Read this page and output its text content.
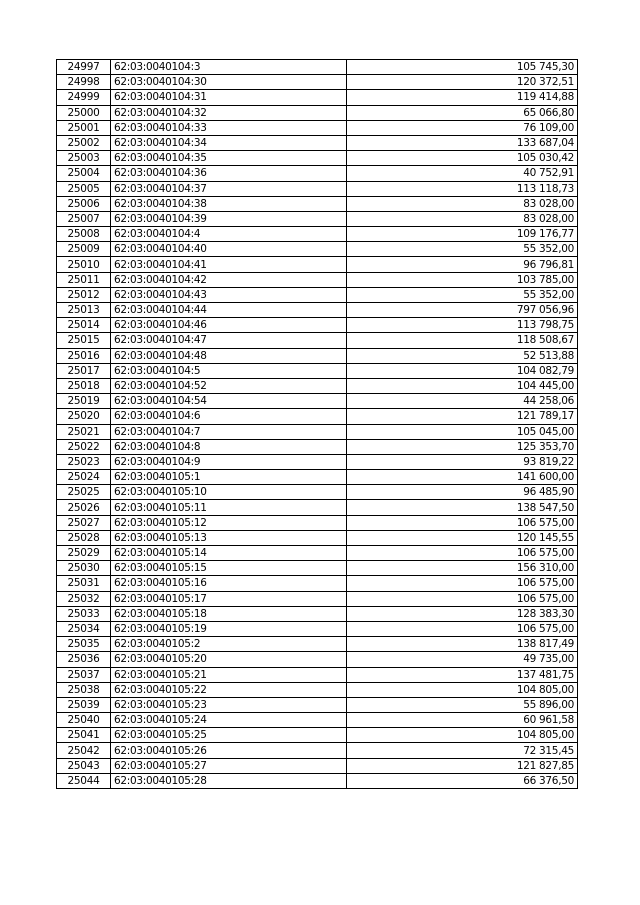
24997	62:03:0040104:3	105 745,30
24998	62:03:0040104:30	120 372,51
24999	62:03:0040104:31	119 414,88
25000	62:03:0040104:32	65 066,80
25001	62:03:0040104:33	76 109,00
25002	62:03:0040104:34	133 687,04
25003	62:03:0040104:35	105 030,42
25004	62:03:0040104:36	40 752,91
25005	62:03:0040104:37	113 118,73
25006	62:03:0040104:38	83 028,00
25007	62:03:0040104:39	83 028,00
25008	62:03:0040104:4	109 176,77
25009	62:03:0040104:40	55 352,00
25010	62:03:0040104:41	96 796,81
25011	62:03:0040104:42	103 785,00
25012	62:03:0040104:43	55 352,00
25013	62:03:0040104:44	797 056,96
25014	62:03:0040104:46	113 798,75
25015	62:03:0040104:47	118 508,67
25016	62:03:0040104:48	52 513,88
25017	62:03:0040104:5	104 082,79
25018	62:03:0040104:52	104 445,00
25019	62:03:0040104:54	44 258,06
25020	62:03:0040104:6	121 789,17
25021	62:03:0040104:7	105 045,00
25022	62:03:0040104:8	125 353,70
25023	62:03:0040104:9	93 819,22
25024	62:03:0040105:1	141 600,00
25025	62:03:0040105:10	96 485,90
25026	62:03:0040105:11	138 547,50
25027	62:03:0040105:12	106 575,00
25028	62:03:0040105:13	120 145,55
25029	62:03:0040105:14	106 575,00
25030	62:03:0040105:15	156 310,00
25031	62:03:0040105:16	106 575,00
25032	62:03:0040105:17	106 575,00
25033	62:03:0040105:18	128 383,30
25034	62:03:0040105:19	106 575,00
25035	62:03:0040105:2	138 817,49
25036	62:03:0040105:20	49 735,00
25037	62:03:0040105:21	137 481,75
25038	62:03:0040105:22	104 805,00
25039	62:03:0040105:23	55 896,00
25040	62:03:0040105:24	60 961,58
25041	62:03:0040105:25	104 805,00
25042	62:03:0040105:26	72 315,45
25043	62:03:0040105:27	121 827,85
25044	62:03:0040105:28	66 376,50
